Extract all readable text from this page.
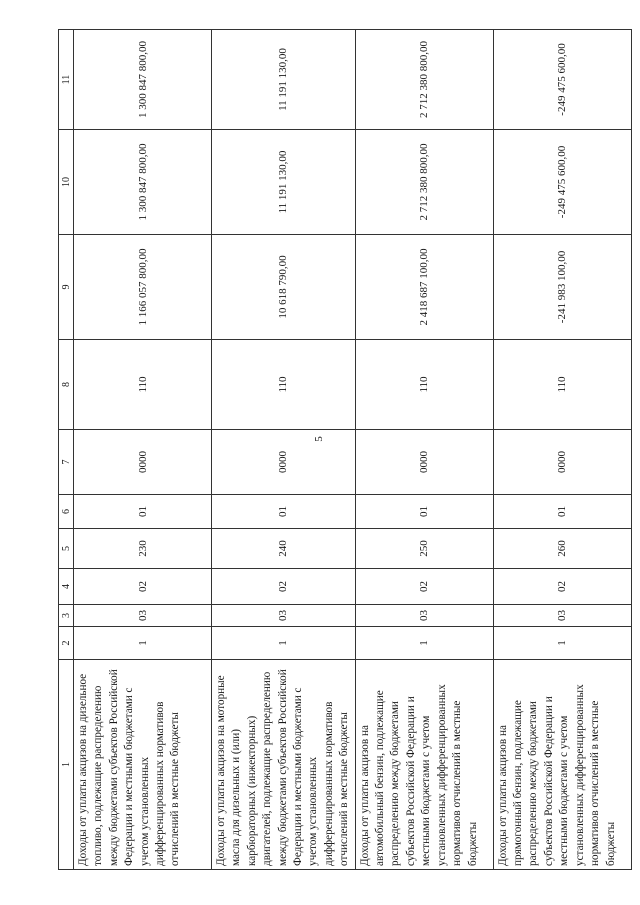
5
1	2	3	4	5	6	7	8	9	10	11
Доходы от уплаты акцизов на дизельное топливо, подлежащие распределению между бюджетами субъектов Российской Федерации и местными бюджетами с учетом установленных дифференцированных нормативов отчислений в местные бюджеты	1	03	02	230	01	0000	110	1 166 057 800,00	1 300 847 800,00	1 300 847 800,00
Доходы от уплаты акцизов на моторные масла для дизельных и (или) карбюраторных (инжекторных) двигателей, подлежащие распределению между бюджетами субъектов Российской Федерации и местными бюджетами с учетом установленных дифференцированных нормативов отчислений в местные бюджеты	1	03	02	240	01	0000	110	10 618 790,00	11 191 130,00	11 191 130,00
Доходы от уплаты акцизов на автомобильный бензин, подлежащие распределению между бюджетами субъектов Российской Федерации и местными бюджетами с учетом установленных дифференцированных нормативов отчислений в местные бюджеты	1	03	02	250	01	0000	110	2 418 687 100,00	2 712 380 800,00	2 712 380 800,00
Доходы от уплаты акцизов на прямогонный бензин, подлежащие распределению между бюджетами субъектов Российской Федерации и местными бюджетами с учетом установленных дифференцированных нормативов отчислений в местные бюджеты	1	03	02	260	01	0000	110	-241 983 100,00	-249 475 600,00	-249 475 600,00
